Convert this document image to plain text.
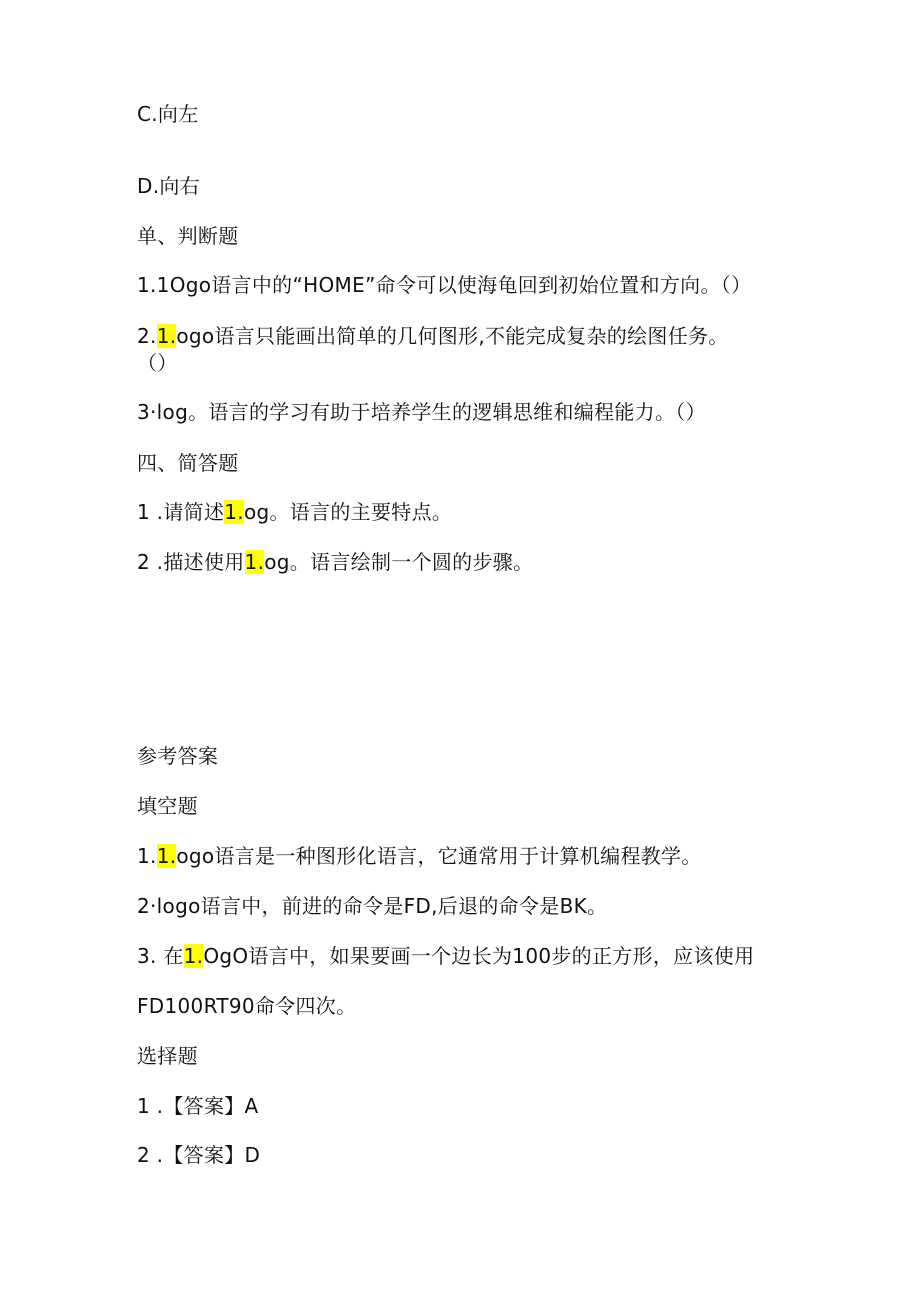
C.向左
D.向右
单、判断题
1.1Ogo语言中的“HOME”命令可以使海龟回到初始位置和方向。（）
2.1.ogo语言只能画出简单的几何图形,不能完成复杂的绘图任务。
（）
3·log。语言的学习有助于培养学生的逻辑思维和编程能力。（）
四、简答题
1 .请简述1.og。语言的主要特点。
2 .描述使用1.og。语言绘制一个圆的步骤。
参考答案
填空题
1.1.ogo语言是一种图形化语言，它通常用于计算机编程教学。
2·logo语言中，前进的命令是FD,后退的命令是BK。
3. 在1.OgO语言中，如果要画一个边长为100步的正方形，应该使用
FD100RT90命令四次。
选择题
1 .【答案】A
2 .【答案】D
